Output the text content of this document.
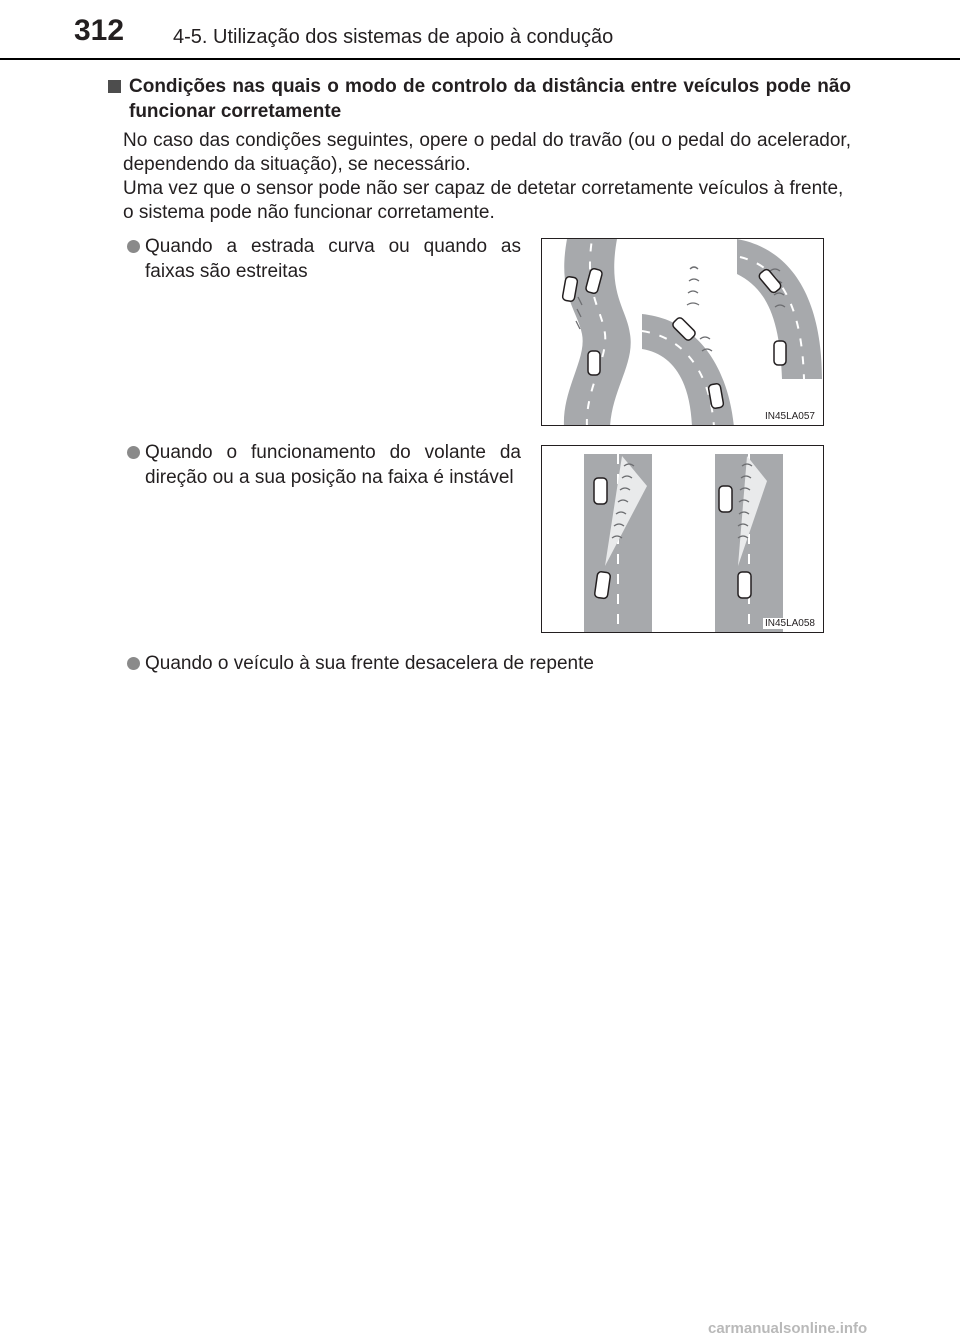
312 4-5. Utilização dos sistemas de apoio à condução
Condições nas quais o modo de controlo da distância entre veículos pode não funcionar corretamente
No caso das condições seguintes, opere o pedal do travão (ou o pedal do acelerador, dependendo da situação), se necessário.
Uma vez que o sensor pode não ser capaz de detetar corretamente veículos à frente, o sistema pode não funcionar corretamente.
Quando a estrada curva ou quando as faixas são estreitas
IN45LA057
Quando o funcionamento do volante da direção ou a sua posição na faixa é instável
IN45LA058
Quando o veículo à sua frente desacelera de repente
carmanualsonline.info
